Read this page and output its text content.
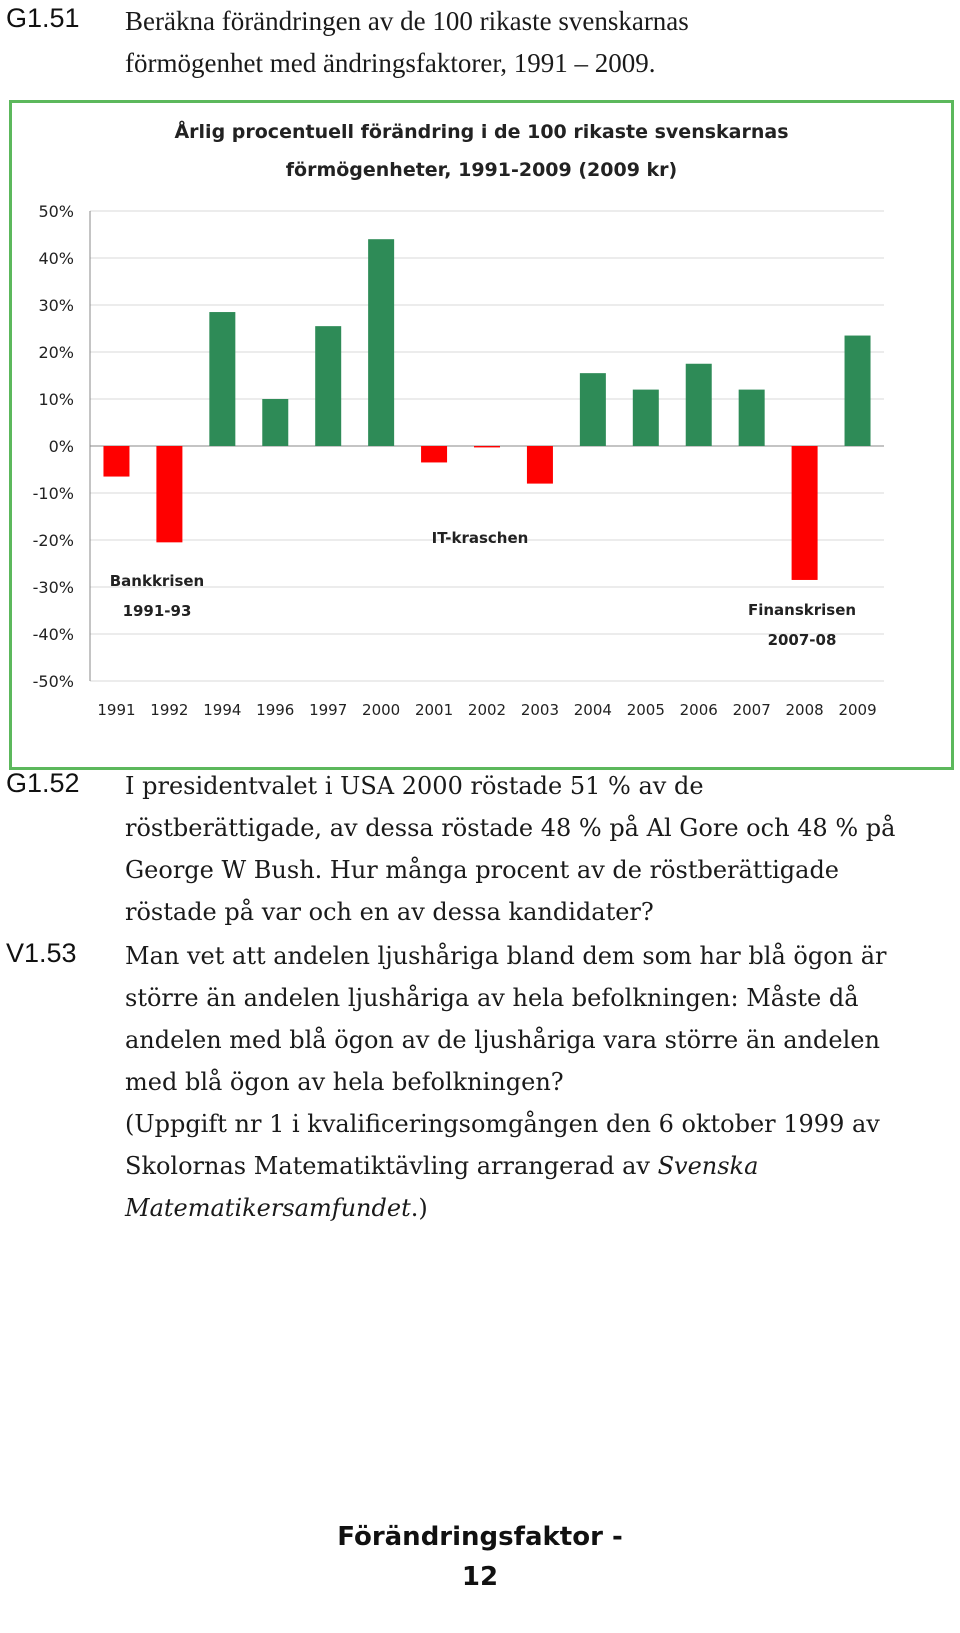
G1.51 Beräkna förändringen av de 100 rikaste svenskarnas
förmögenhet med ändringsfaktorer, 1991 – 2009.
Årlig procentuell förändring i de 100 rikaste svenskarnas
förmögenheter, 1991-2009 (2009 kr)
50%
40%
30%
20%
10%
0%
-10%
-20%
-30%
-40%
-50%
1991 1992 1994 1996 1997 2000 2001 2002 2003 2004 2005 2006 2007 2008 2009
Bankkrisen
1991-93
IT-kraschen
Finanskrisen
2007-08
G1.52 I presidentvalet i USA 2000 röstade 51 % av de
röstberättigade, av dessa röstade 48 % på Al Gore och 48 % på
George W Bush. Hur många procent av de röstberättigade
röstade på var och en av dessa kandidater?
V1.53 Man vet att andelen ljushåriga bland dem som har blå ögon är
större än andelen ljushåriga av hela befolkningen: Måste då
andelen med blå ögon av de ljushåriga vara större än andelen
med blå ögon av hela befolkningen?
(Uppgift nr 1 i kvalificeringsomgången den 6 oktober 1999 av
Skolornas Matematiktävling arrangerad av Svenska
Matematikersamfundet.)
Förändringsfaktor -
12
